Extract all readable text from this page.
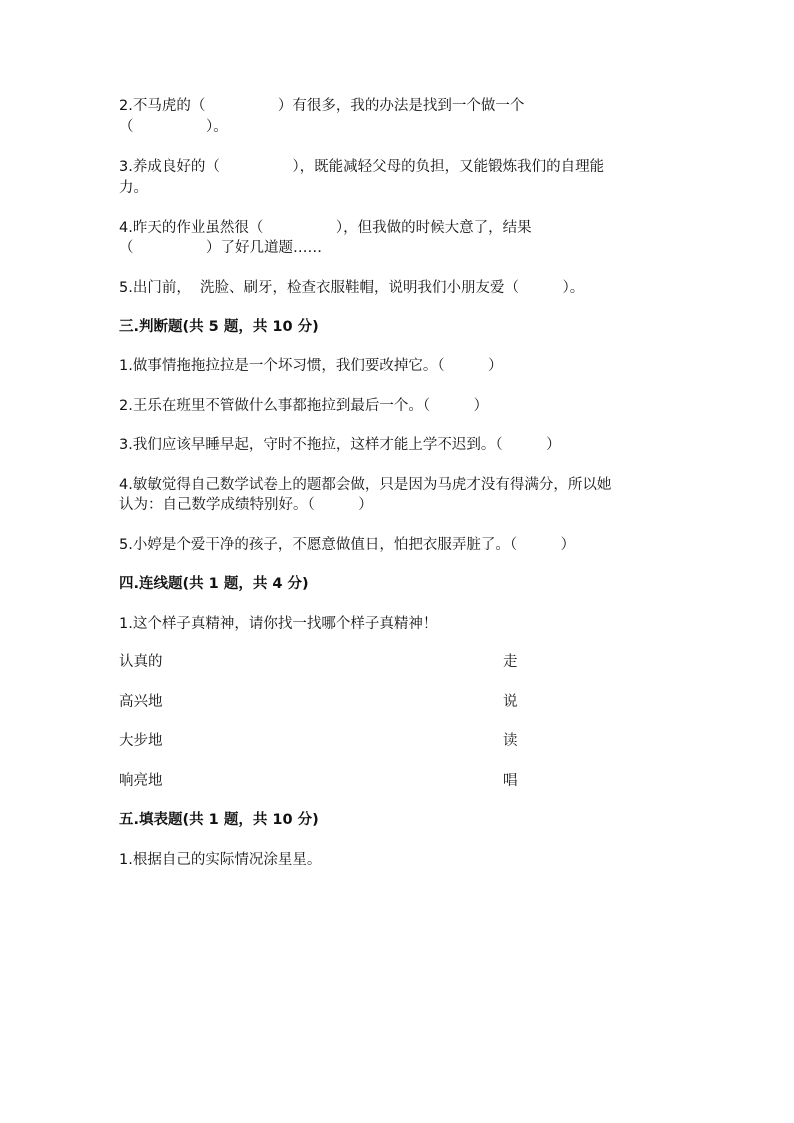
2.不马虎的（　　　　　）有很多，我的办法是找到一个做一个
（　　　　　）。
3.养成良好的（　　　　　），既能减轻父母的负担，又能锻炼我们的自理能
力。
4.昨天的作业虽然很（　　　　　），但我做的时候大意了，结果
（　　　　　）了好几道题……
5.出门前，  洗脸、刷牙，检查衣服鞋帽，说明我们小朋友爱（　　　）。
三.判断题(共 5 题，共 10 分)
1.做事情拖拖拉拉是一个坏习惯，我们要改掉它。（　　　）
2.王乐在班里不管做什么事都拖拉到最后一个。（　　　）
3.我们应该早睡早起，守时不拖拉，这样才能上学不迟到。（　　　）
4.敏敏觉得自己数学试卷上的题都会做，只是因为马虎才没有得满分，所以她
认为：自己数学成绩特别好。（　　　）
5.小婷是个爱干净的孩子，不愿意做值日，怕把衣服弄脏了。（　　　）
四.连线题(共 1 题，共 4 分)
1.这个样子真精神，请你找一找哪个样子真精神！
认真的	走
高兴地	说
大步地	读
响亮地	唱
五.填表题(共 1 题，共 10 分)
1.根据自己的实际情况涂星星。
